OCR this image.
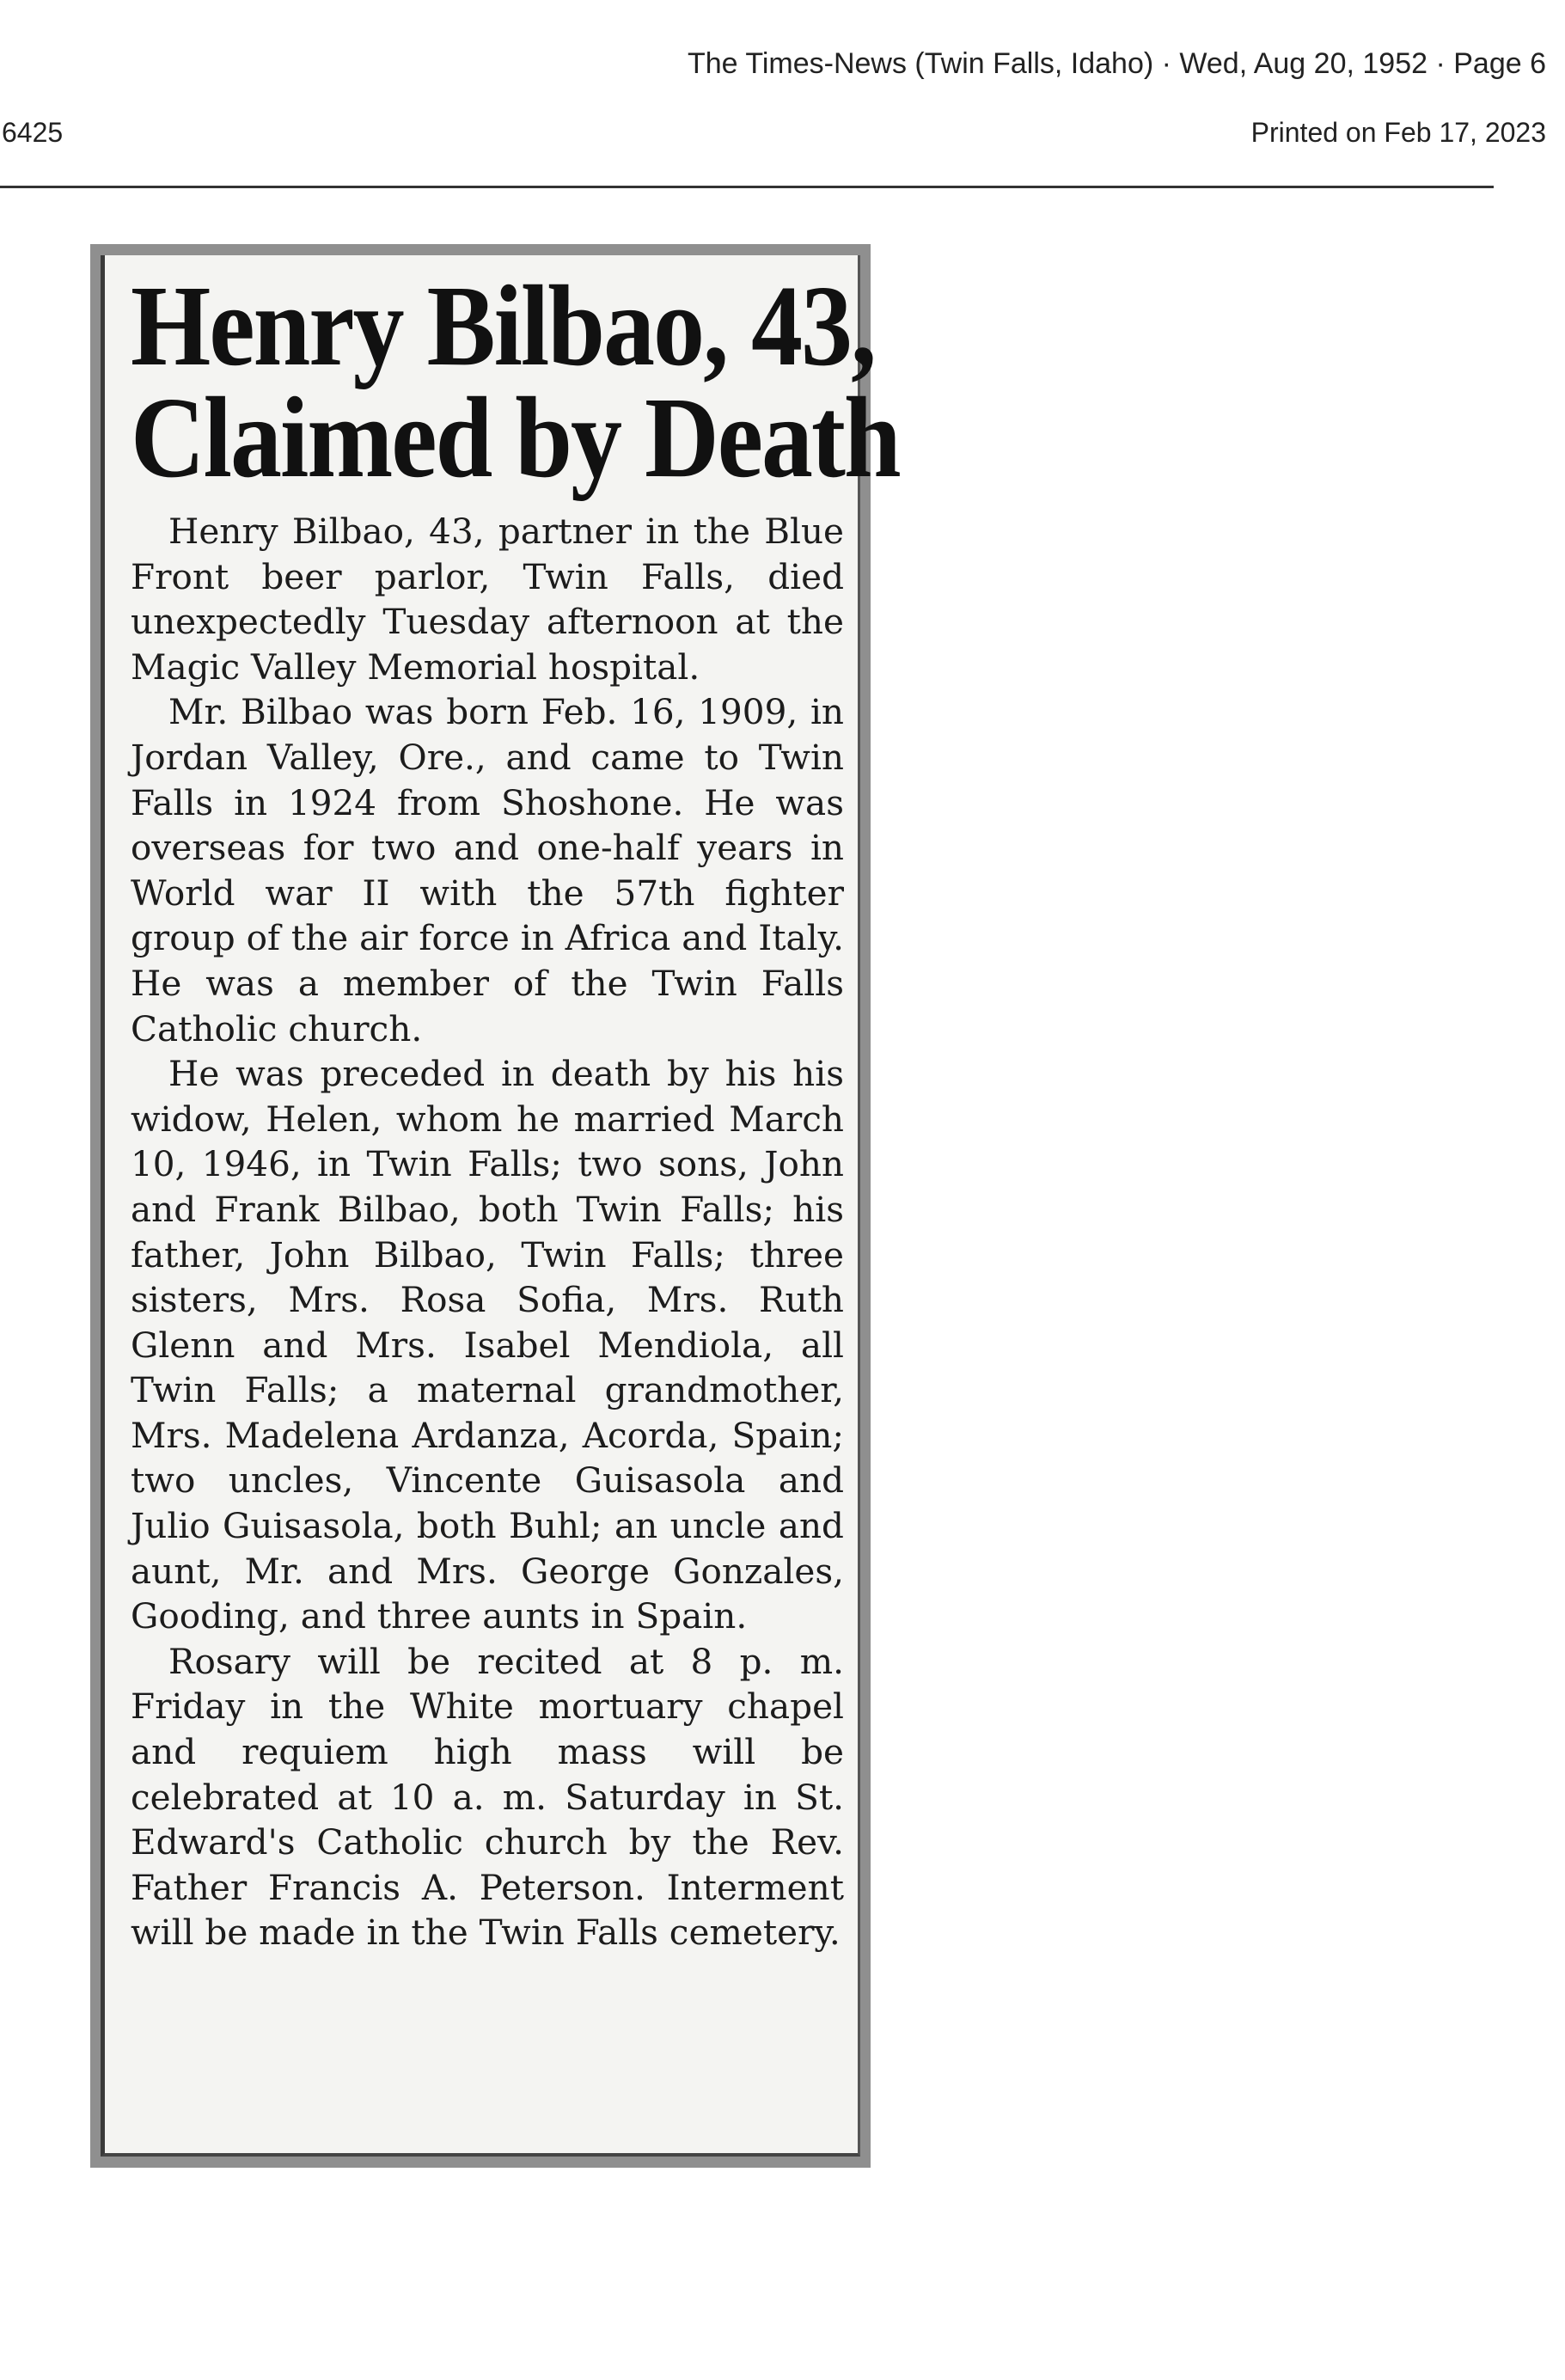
The Times-News (Twin Falls, Idaho) · Wed, Aug 20, 1952 · Page 6
6425	Printed on Feb 17, 2023
Henry Bilbao, 43,
Claimed by Death

Henry Bilbao, 43, partner in the Blue Front beer parlor, Twin Falls, died unexpectedly Tuesday afternoon at the Magic Valley Memorial hospital.

Mr. Bilbao was born Feb. 16, 1909, in Jordan Valley, Ore., and came to Twin Falls in 1924 from Shoshone. He was overseas for two and one-half years in World war II with the 57th fighter group of the air force in Africa and Italy. He was a member of the Twin Falls Catholic church.

He was preceded in death by his his widow, Helen, whom he married March 10, 1946, in Twin Falls; two sons, John and Frank Bilbao, both Twin Falls; his father, John Bilbao, Twin Falls; three sisters, Mrs. Rosa Sofia, Mrs. Ruth Glenn and Mrs. Isabel Mendiola, all Twin Falls; a maternal grandmother, Mrs. Madelena Ardanza, Acorda, Spain; two uncles, Vincente Guisasola and Julio Guisasola, both Buhl; an uncle and aunt, Mr. and Mrs. George Gonzales, Gooding, and three aunts in Spain.

Rosary will be recited at 8 p. m. Friday in the White mortuary chapel and requiem high mass will be celebrated at 10 a. m. Saturday in St. Edward's Catholic church by the Rev. Father Francis A. Peterson. Interment will be made in the Twin Falls cemetery.
